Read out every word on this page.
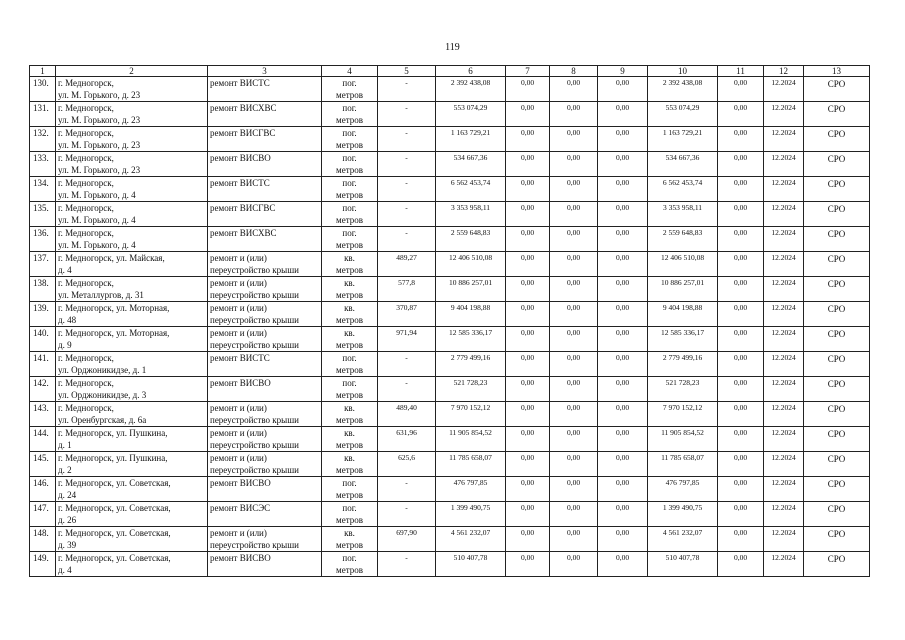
119
1	2	3	4	5	6	7	8	9	10	11	12	13
130.	г. Медногорск,
ул. М. Горького, д. 23	ремонт ВИСТС	пог.
метров	-	2 392 438,08	0,00	0,00	0,00	2 392 438,08	0,00	12.2024	СРО
131.	г. Медногорск,
ул. М. Горького, д. 23	ремонт ВИСХВС	пог.
метров	-	553 074,29	0,00	0,00	0,00	553 074,29	0,00	12.2024	СРО
132.	г. Медногорск,
ул. М. Горького, д. 23	ремонт ВИСГВС	пог.
метров	-	1 163 729,21	0,00	0,00	0,00	1 163 729,21	0,00	12.2024	СРО
133.	г. Медногорск,
ул. М. Горького, д. 23	ремонт ВИСВО	пог.
метров	-	534 667,36	0,00	0,00	0,00	534 667,36	0,00	12.2024	СРО
134.	г. Медногорск,
ул. М. Горького, д. 4	ремонт ВИСТС	пог.
метров	-	6 562 453,74	0,00	0,00	0,00	6 562 453,74	0,00	12.2024	СРО
135.	г. Медногорск,
ул. М. Горького, д. 4	ремонт ВИСГВС	пог.
метров	-	3 353 958,11	0,00	0,00	0,00	3 353 958,11	0,00	12.2024	СРО
136.	г. Медногорск,
ул. М. Горького, д. 4	ремонт ВИСХВС	пог.
метров	-	2 559 648,83	0,00	0,00	0,00	2 559 648,83	0,00	12.2024	СРО
137.	г. Медногорск, ул. Майская,
д. 4	ремонт и (или)
переустройство крыши	кв.
метров	489,27	12 406 510,08	0,00	0,00	0,00	12 406 510,08	0,00	12.2024	СРО
138.	г. Медногорск,
ул. Металлургов, д. 31	ремонт и (или)
переустройство крыши	кв.
метров	577,8	10 886 257,01	0,00	0,00	0,00	10 886 257,01	0,00	12.2024	СРО
139.	г. Медногорск, ул. Моторная,
д. 48	ремонт и (или)
переустройство крыши	кв.
метров	370,87	9 404 198,88	0,00	0,00	0,00	9 404 198,88	0,00	12.2024	СРО
140.	г. Медногорск, ул. Моторная,
д. 9	ремонт и (или)
переустройство крыши	кв.
метров	971,94	12 585 336,17	0,00	0,00	0,00	12 585 336,17	0,00	12.2024	СРО
141.	г. Медногорск,
ул. Орджоникидзе, д. 1	ремонт ВИСТС	пог.
метров	-	2 779 499,16	0,00	0,00	0,00	2 779 499,16	0,00	12.2024	СРО
142.	г. Медногорск,
ул. Орджоникидзе, д. 3	ремонт ВИСВО	пог.
метров	-	521 728,23	0,00	0,00	0,00	521 728,23	0,00	12.2024	СРО
143.	г. Медногорск,
ул. Оренбургская, д. 6а	ремонт и (или)
переустройство крыши	кв.
метров	489,40	7 970 152,12	0,00	0,00	0,00	7 970 152,12	0,00	12.2024	СРО
144.	г. Медногорск, ул. Пушкина,
д. 1	ремонт и (или)
переустройство крыши	кв.
метров	631,96	11 905 854,52	0,00	0,00	0,00	11 905 854,52	0,00	12.2024	СРО
145.	г. Медногорск, ул. Пушкина,
д. 2	ремонт и (или)
переустройство крыши	кв.
метров	625,6	11 785 658,07	0,00	0,00	0,00	11 785 658,07	0,00	12.2024	СРО
146.	г. Медногорск, ул. Советская,
д. 24	ремонт ВИСВО	пог.
метров	-	476 797,85	0,00	0,00	0,00	476 797,85	0,00	12.2024	СРО
147.	г. Медногорск, ул. Советская,
д. 26	ремонт ВИСЭС	пог.
метров	-	1 399 490,75	0,00	0,00	0,00	1 399 490,75	0,00	12.2024	СРО
148.	г. Медногорск, ул. Советская,
д. 39	ремонт и (или)
переустройство крыши	кв.
метров	697,90	4 561 232,07	0,00	0,00	0,00	4 561 232,07	0,00	12.2024	СРО
149.	г. Медногорск, ул. Советская,
д. 4	ремонт ВИСВО	пог.
метров	-	510 407,78	0,00	0,00	0,00	510 407,78	0,00	12.2024	СРО
